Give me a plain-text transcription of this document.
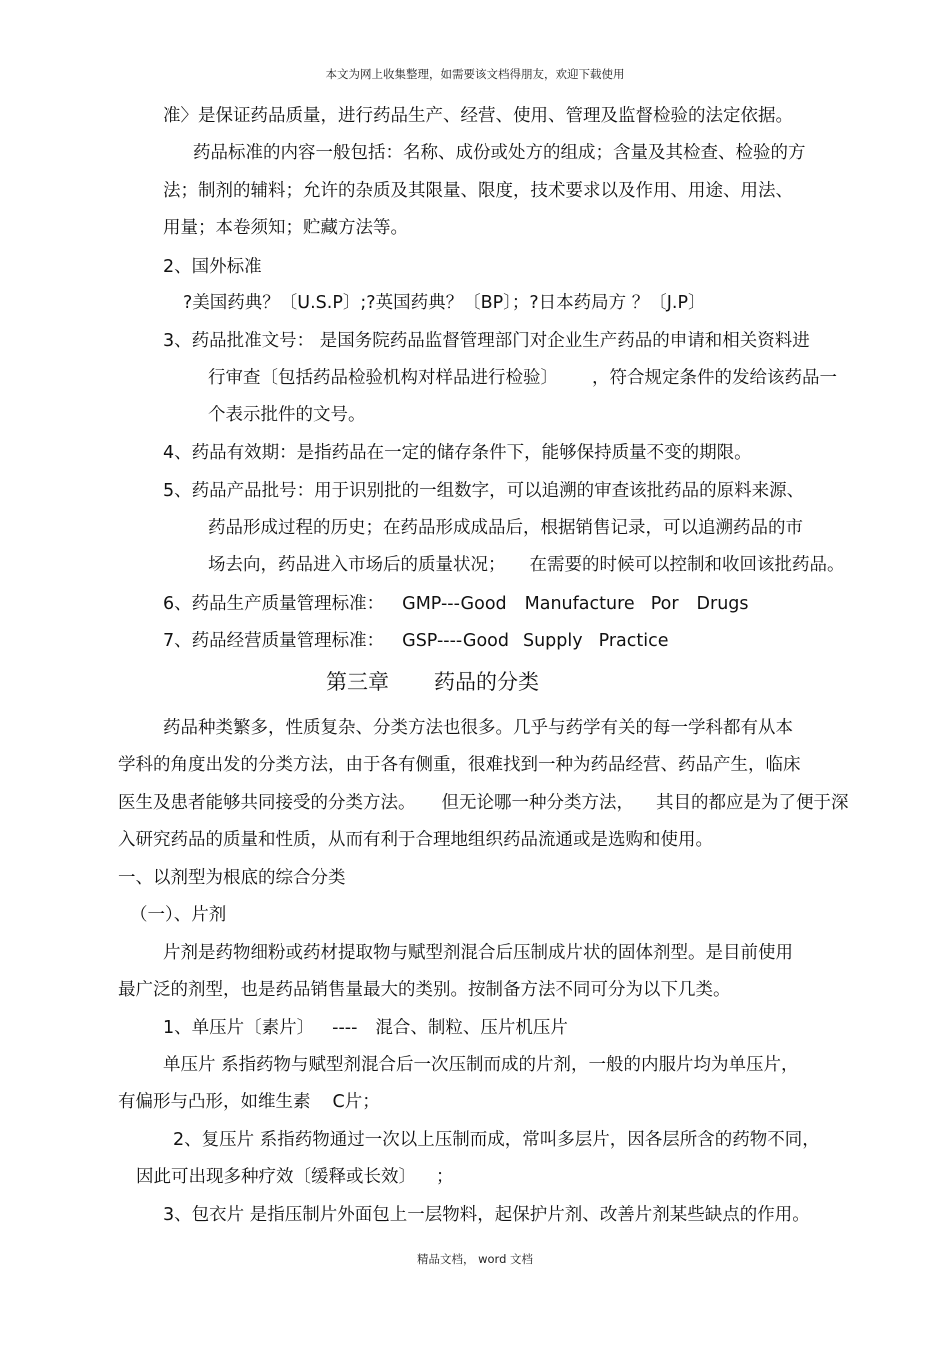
本文为网上收集整理，如需要该文档得朋友，欢迎下载使用
准〉是保证药品质量，进行药品生产、经营、使用、管理及监督检验的法定依据。
药品标准的内容一般包括：名称、成份或处方的组成；含量及其检查、检验的方
法；制剂的辅料；允许的杂质及其限量、限度，技术要求以及作用、用途、用法、
用量；本卷须知；贮藏方法等。
2、国外标准
?美国药典？〔U.S.P〕;?英国药典？〔BP〕；?日本药局方 ？〔J.P〕
3、药品批准文号： 是国务院药品监督管理部门对企业生产药品的申请和相关资料进
行审查〔包括药品检验机构对样品进行检验〕 ，符合规定条件的发给该药品一
个表示批件的文号。
4、药品有效期：是指药品在一定的储存条件下，能够保持质量不变的期限。
5、药品产品批号：用于识别批的一组数字，可以追溯的审查该批药品的原料来源、
药品形成过程的历史；在药品形成成品后，根据销售记录，可以追溯药品的市
场去向，药品进入市场后的质量状况； 在需要的时候可以控制和收回该批药品。
6、药品生产质量管理标准： GMP---Good Manufacture Por Drugs
7、药品经营质量管理标准： GSP----Good Supply Practice
第三章 药品的分类
药品种类繁多，性质复杂、分类方法也很多。几乎与药学有关的每一学科都有从本
学科的角度出发的分类方法，由于各有侧重，很难找到一种为药品经营、药品产生，临床
医生及患者能够共同接受的分类方法。 但无论哪一种分类方法， 其目的都应是为了便于深
入研究药品的质量和性质，从而有利于合理地组织药品流通或是选购和使用。
一、以剂型为根底的综合分类
（一）、片剂
片剂是药物细粉或药材提取物与赋型剂混合后压制成片状的固体剂型。是目前使用
最广泛的剂型，也是药品销售量最大的类别。按制备方法不同可分为以下几类。
1、单压片〔素片〕 ---- 混合、制粒、压片机压片
单压片 系指药物与赋型剂混合后一次压制而成的片剂，一般的内服片均为单压片，
有偏形与凸形，如维生素 C片；
2、复压片 系指药物通过一次以上压制而成，常叫多层片，因各层所含的药物不同，
因此可出现多种疗效〔缓释或长效〕 ；
3、包衣片 是指压制片外面包上一层物料，起保护片剂、改善片剂某些缺点的作用。
精品文档， word 文档
